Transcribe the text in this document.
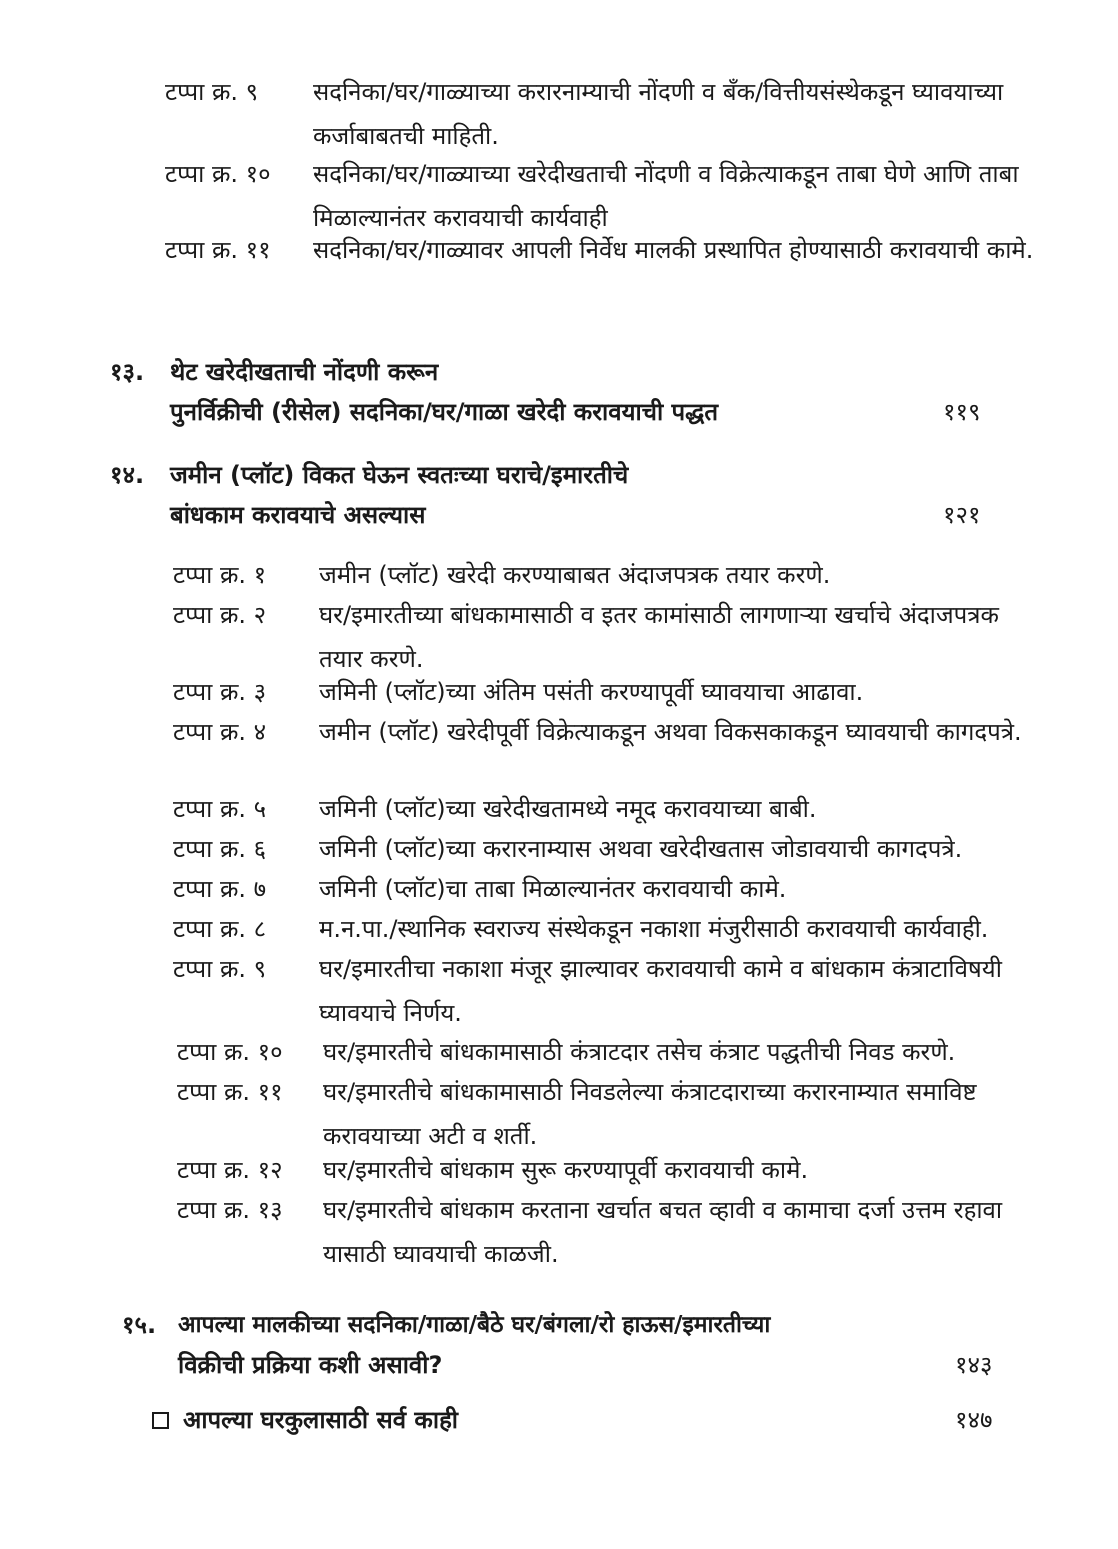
टप्पा क्र. ९	सदनिका/घर/गाळ्याच्या करारनाम्याची नोंदणी व बँक/वित्तीयसंस्थेकडून घ्यावयाच्या कर्जाबाबतची माहिती.
टप्पा क्र. १०	सदनिका/घर/गाळ्याच्या खरेदीखताची नोंदणी व विक्रेत्याकडून ताबा घेणे आणि ताबा मिळाल्यानंतर करावयाची कार्यवाही
टप्पा क्र. ११	सदनिका/घर/गाळ्यावर आपली निर्वेध मालकी प्रस्थापित होण्यासाठी करावयाची कामे.
१३.	थेट खरेदीखताची नोंदणी करून
पुनर्विक्रीची (रीसेल) सदनिका/घर/गाळा खरेदी करावयाची पद्धत	११९
१४.	जमीन (प्लॉट) विकत घेऊन स्वतःच्या घराचे/इमारतीचे
बांधकाम करावयाचे असल्यास	१२१
टप्पा क्र. १	जमीन (प्लॉट) खरेदी करण्याबाबत अंदाजपत्रक तयार करणे.
टप्पा क्र. २	घर/इमारतीच्या बांधकामासाठी व इतर कामांसाठी लागणाऱ्या खर्चाचे अंदाजपत्रक तयार करणे.
टप्पा क्र. ३	जमिनी (प्लॉट)च्या अंतिम पसंती करण्यापूर्वी घ्यावयाचा आढावा.
टप्पा क्र. ४	जमीन (प्लॉट) खरेदीपूर्वी विक्रेत्याकडून अथवा विकसकाकडून घ्यावयाची कागदपत्रे.
टप्पा क्र. ५	जमिनी (प्लॉट)च्या खरेदीखतामध्ये नमूद करावयाच्या बाबी.
टप्पा क्र. ६	जमिनी (प्लॉट)च्या करारनाम्यास अथवा खरेदीखतास जोडावयाची कागदपत्रे.
टप्पा क्र. ७	जमिनी (प्लॉट)चा ताबा मिळाल्यानंतर करावयाची कामे.
टप्पा क्र. ८	म.न.पा./स्थानिक स्वराज्य संस्थेकडून नकाशा मंजुरीसाठी करावयाची कार्यवाही.
टप्पा क्र. ९	घर/इमारतीचा नकाशा मंजूर झाल्यावर करावयाची कामे व बांधकाम कंत्राटाविषयी घ्यावयाचे निर्णय.
टप्पा क्र. १०	घर/इमारतीचे बांधकामासाठी कंत्राटदार तसेच कंत्राट पद्धतीची निवड करणे.
टप्पा क्र. ११	घर/इमारतीचे बांधकामासाठी निवडलेल्या कंत्राटदाराच्या करारनाम्यात समाविष्ट करावयाच्या अटी व शर्ती.
टप्पा क्र. १२	घर/इमारतीचे बांधकाम सुरू करण्यापूर्वी करावयाची कामे.
टप्पा क्र. १३	घर/इमारतीचे बांधकाम करताना खर्चात बचत व्हावी व कामाचा दर्जा उत्तम रहावा यासाठी घ्यावयाची काळजी.
१५. आपल्या मालकीच्या सदनिका/गाळा/बैठे घर/बंगला/रो हाऊस/इमारतीच्या
विक्रीची प्रक्रिया कशी असावी?	१४३
आपल्या घरकुलासाठी सर्व काही	१४७
